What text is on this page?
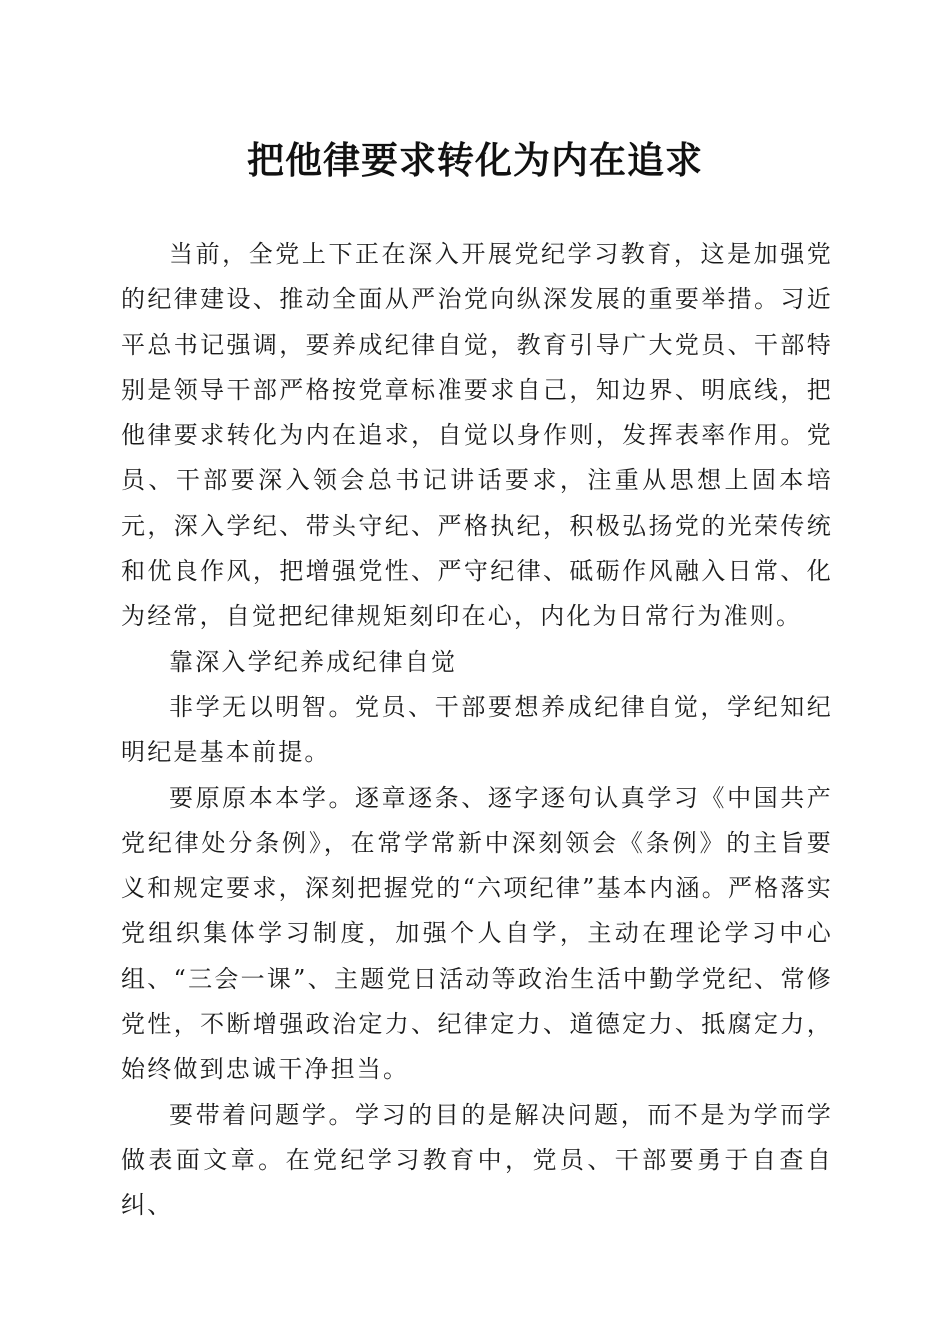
把他律要求转化为内在追求

当前，全党上下正在深入开展党纪学习教育，这是加强党的纪律建设、推动全面从严治党向纵深发展的重要举措。习近平总书记强调，要养成纪律自觉，教育引导广大党员、干部特别是领导干部严格按党章标准要求自己，知边界、明底线，把他律要求转化为内在追求，自觉以身作则，发挥表率作用。党员、干部要深入领会总书记讲话要求，注重从思想上固本培元，深入学纪、带头守纪、严格执纪，积极弘扬党的光荣传统和优良作风，把增强党性、严守纪律、砥砺作风融入日常、化为经常，自觉把纪律规矩刻印在心，内化为日常行为准则。

靠深入学纪养成纪律自觉

非学无以明智。党员、干部要想养成纪律自觉，学纪知纪明纪是基本前提。

要原原本本学。逐章逐条、逐字逐句认真学习《中国共产党纪律处分条例》，在常学常新中深刻领会《条例》的主旨要义和规定要求，深刻把握党的“六项纪律”基本内涵。严格落实党组织集体学习制度，加强个人自学，主动在理论学习中心组、“三会一课”、主题党日活动等政治生活中勤学党纪、常修党性，不断增强政治定力、纪律定力、道德定力、抵腐定力，始终做到忠诚干净担当。

要带着问题学。学习的目的是解决问题，而不是为学而学做表面文章。在党纪学习教育中，党员、干部要勇于自查自纠、
